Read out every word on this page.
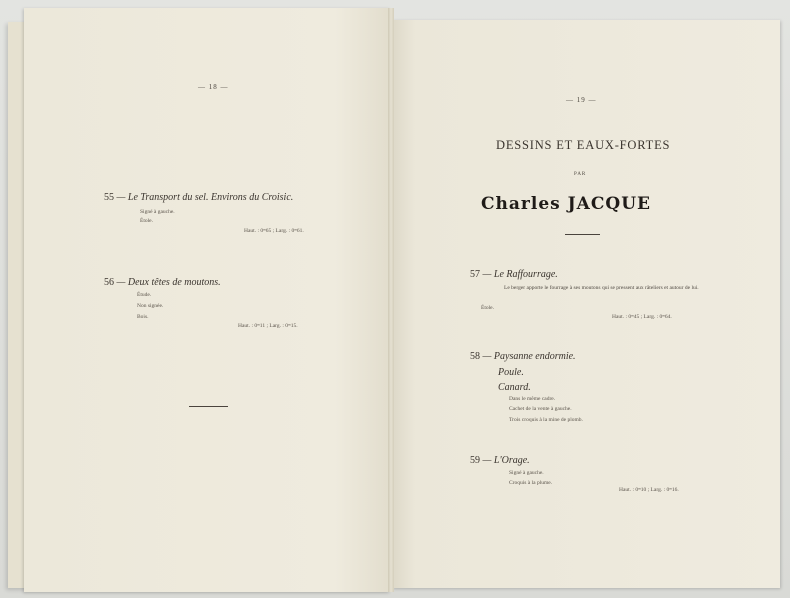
— 18 —
55 — Le Transport du sel. Environs du Croisic.
Signé à gauche.
Étole.
Haut. : 0ᵐ65 ; Larg. : 0ᵐ61.
56 — Deux têtes de moutons.
Étude.
Non signée.
Bois.
Haut. : 0ᵐ11 ; Larg. : 0ᵐ15.
— 19 —
DESSINS ET EAUX-FORTES
PAR
Charles JACQUE
57 — Le Raffourrage.
Le berger apporte le fourrage à ses moutons qui se pressent aux râteliers et autour de lui.
Étole.
Haut. : 0ᵐ45 ; Larg. : 0ᵐ64.
58 — Paysanne endormie.
Poule.
Canard.
Dans le même cadre.
Cachet de la vente à gauche.
Trois croquis à la mine de plomb.
59 — L'Orage.
Signé à gauche.
Croquis à la plume.
Haut. : 0ᵐ10 ; Larg. : 0ᵐ16.
